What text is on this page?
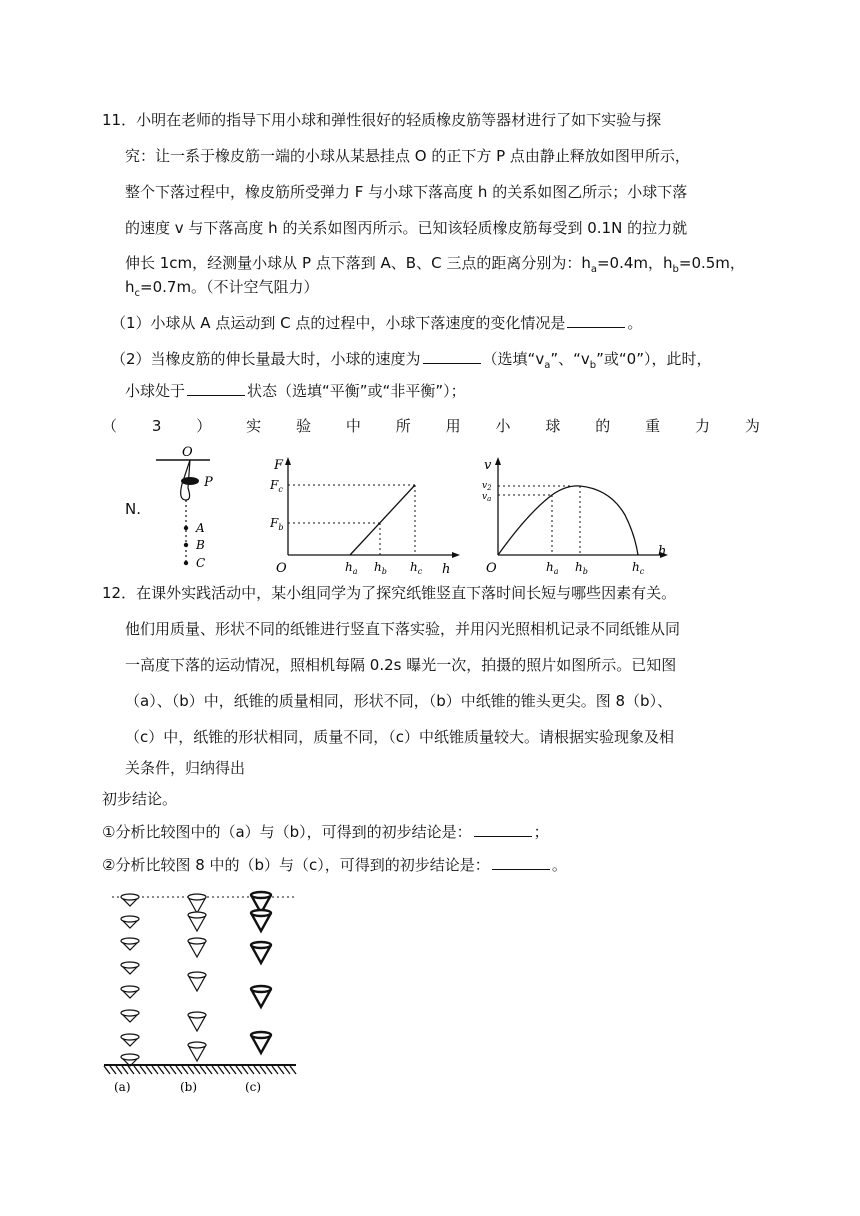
11．小明在老师的指导下用小球和弹性很好的轻质橡皮筋等器材进行了如下实验与探
究：让一系于橡皮筋一端的小球从某悬挂点 O 的正下方 P 点由静止释放如图甲所示，
整个下落过程中，橡皮筋所受弹力 F 与小球下落高度 h 的关系如图乙所示；小球下落
的速度 v 与下落高度 h 的关系如图丙所示。已知该轻质橡皮筋每受到 0.1N 的拉力就
伸长 1cm，经测量小球从 P 点下落到 A、B、C 三点的距离分别为：$h_a=0.4m$，$h_b=0.5m$，
$h_c=0.7m$。（不计空气阻力）
（1）小球从 A 点运动到 C 点的过程中，小球下落速度的变化情况是	。
（2）当橡皮筋的伸长量最大时，小球的速度为	（选填“$v_a$”、“$v_b$”或“0”），此时，
小球处于	状态（选填“平衡”或“非平衡”）；
（ 3 ） 实 验 中 所 用 小 球 的 重 力 为
N.
O
P
A
B
C
F
h
O
$F_c$
$F_b$
$h_a$ $h_b$ $h_c$
v
h
O
$v_2$
$v_a$
$h_a$ $h_b$	$h_c$
12．在课外实践活动中，某小组同学为了探究纸锥竖直下落时间长短与哪些因素有关。
他们用质量、形状不同的纸锥进行竖直下落实验，并用闪光照相机记录不同纸锥从同
一高度下落的运动情况，照相机每隔 0.2s 曝光一次，拍摄的照片如图所示。已知图
（a）、（b）中，纸锥的质量相同，形状不同，（b）中纸锥的锥头更尖。图 8（b）、
（c）中，纸锥的形状相同，质量不同，（c）中纸锥质量较大。请根据实验现象及相
关条件，归纳得出
初步结论。
①分析比较图中的（a）与（b），可得到的初步结论是：	；
②分析比较图 8 中的（b）与（c），可得到的初步结论是：	。
(a)	(b)	(c)
